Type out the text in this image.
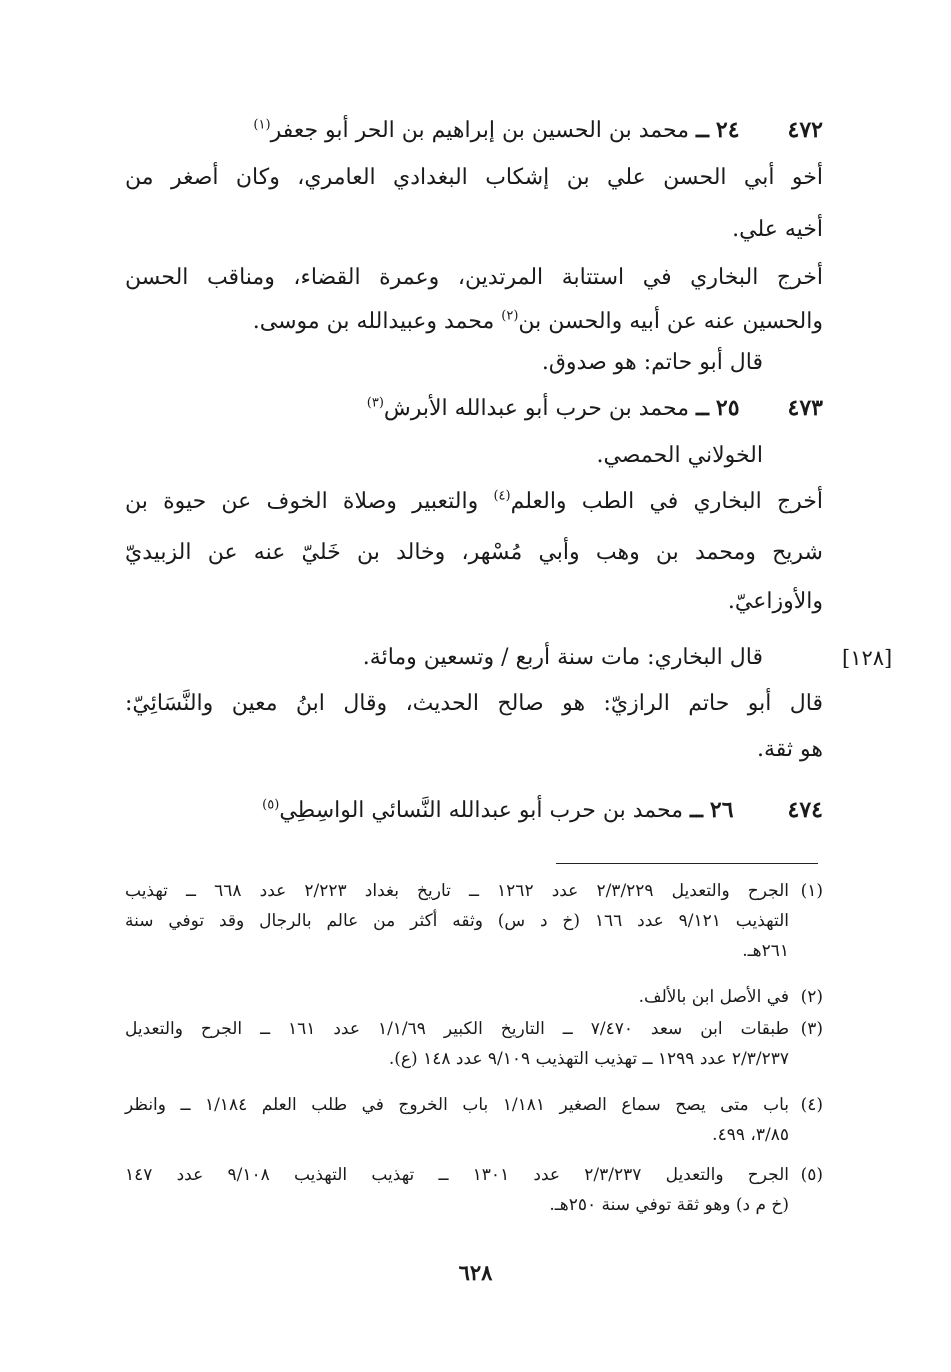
٤٧٢  ٢٤ ــ محمد بن الحسين بن إبراهيم بن الحر أبو جعفر$^{(١)}$
أخو أبي الحسن علي بن إشكاب البغدادي العامري، وكان أصغر من
أخيه علي.
أخرج البخاري في استتابة المرتدين، وعمرة القضاء، ومناقب الحسن
والحسين عنه عن أبيه والحسن بن$^{(٢)}$ محمد وعبيدالله بن موسى.
قال أبو حاتم: هو صدوق.
٤٧٣  ٢٥ ــ محمد بن حرب أبو عبدالله الأبرش$^{(٣)}$
الخولاني الحمصي.
أخرج البخاري في الطب والعلم$^{(٤)}$ والتعبير وصلاة الخوف عن حيوة بن
شريح ومحمد بن وهب وأبي مُسْهر، وخالد بن خَليّ عنه عن الزبيديّ
والأوزاعيّ.
[١٢٨]
قال البخاري: مات سنة أربع / وتسعين ومائة.
قال أبو حاتم الرازيّ: هو صالح الحديث، وقال ابنُ معين والنَّسَائِيّ:
هو ثقة.
٤٧٤  ٢٦ ــ محمد بن حرب أبو عبدالله النَّسائي الواسِطِي$^{(٥)}$
(١)
الجرح والتعديل ٢/٣/٢٢٩ عدد ١٢٦٢ ــ تاريخ بغداد ٢/٢٢٣ عدد ٦٦٨ ــ تهذيب
التهذيب ٩/١٢١ عدد ١٦٦ (خ د س) وثقه أكثر من عالم بالرجال وقد توفي سنة
٢٦١هـ.
(٢)
في الأصل ابن بالألف.
(٣)
طبقات ابن سعد ٧/٤٧٠ ــ التاريخ الكبير ١/١/٦٩ عدد ١٦١ ــ الجرح والتعديل
٢/٣/٢٣٧ عدد ١٢٩٩ ــ تهذيب التهذيب ٩/١٠٩ عدد ١٤٨ (ع).
(٤)
باب متى يصح سماع الصغير ١/١٨١ باب الخروج في طلب العلم ١/١٨٤ ــ وانظر
٣/٨٥، ٤٩٩.
(٥)
الجرح والتعديل ٢/٣/٢٣٧ عدد ١٣٠١ ــ تهذيب التهذيب ٩/١٠٨ عدد ١٤٧
(خ م د) وهو ثقة توفي سنة ٢٥٠هـ.
٦٢٨
